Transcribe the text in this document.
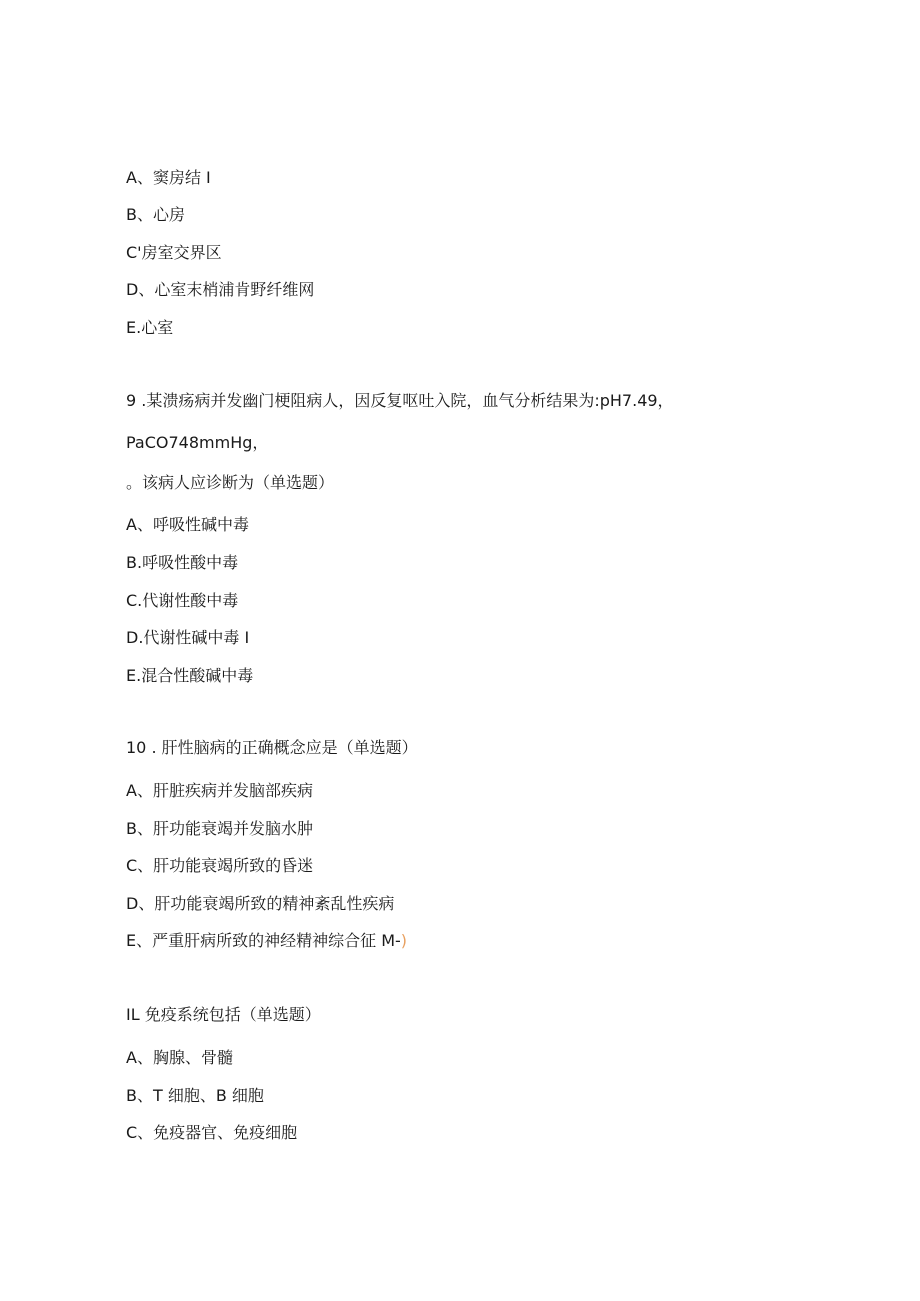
A、窦房结 I
B、心房
C'房室交界区
D、心室末梢浦肯野纤维网
E.心室
9 .某溃疡病并发幽门梗阻病人，因反复呕吐入院，血气分析结果为:pH7.49，
PaCO748mmHg，
。该病人应诊断为（单选题）
A、呼吸性碱中毒
B.呼吸性酸中毒
C.代谢性酸中毒
D.代谢性碱中毒 I
E.混合性酸碱中毒
10 . 肝性脑病的正确概念应是（单选题）
A、肝脏疾病并发脑部疾病
B、肝功能衰竭并发脑水肿
C、肝功能衰竭所致的昏迷
D、肝功能衰竭所致的精神紊乱性疾病
E、严重肝病所致的神经精神综合征 M-)
IL 免疫系统包括（单选题）
A、胸腺、骨髓
B、T 细胞、B 细胞
C、免疫器官、免疫细胞
